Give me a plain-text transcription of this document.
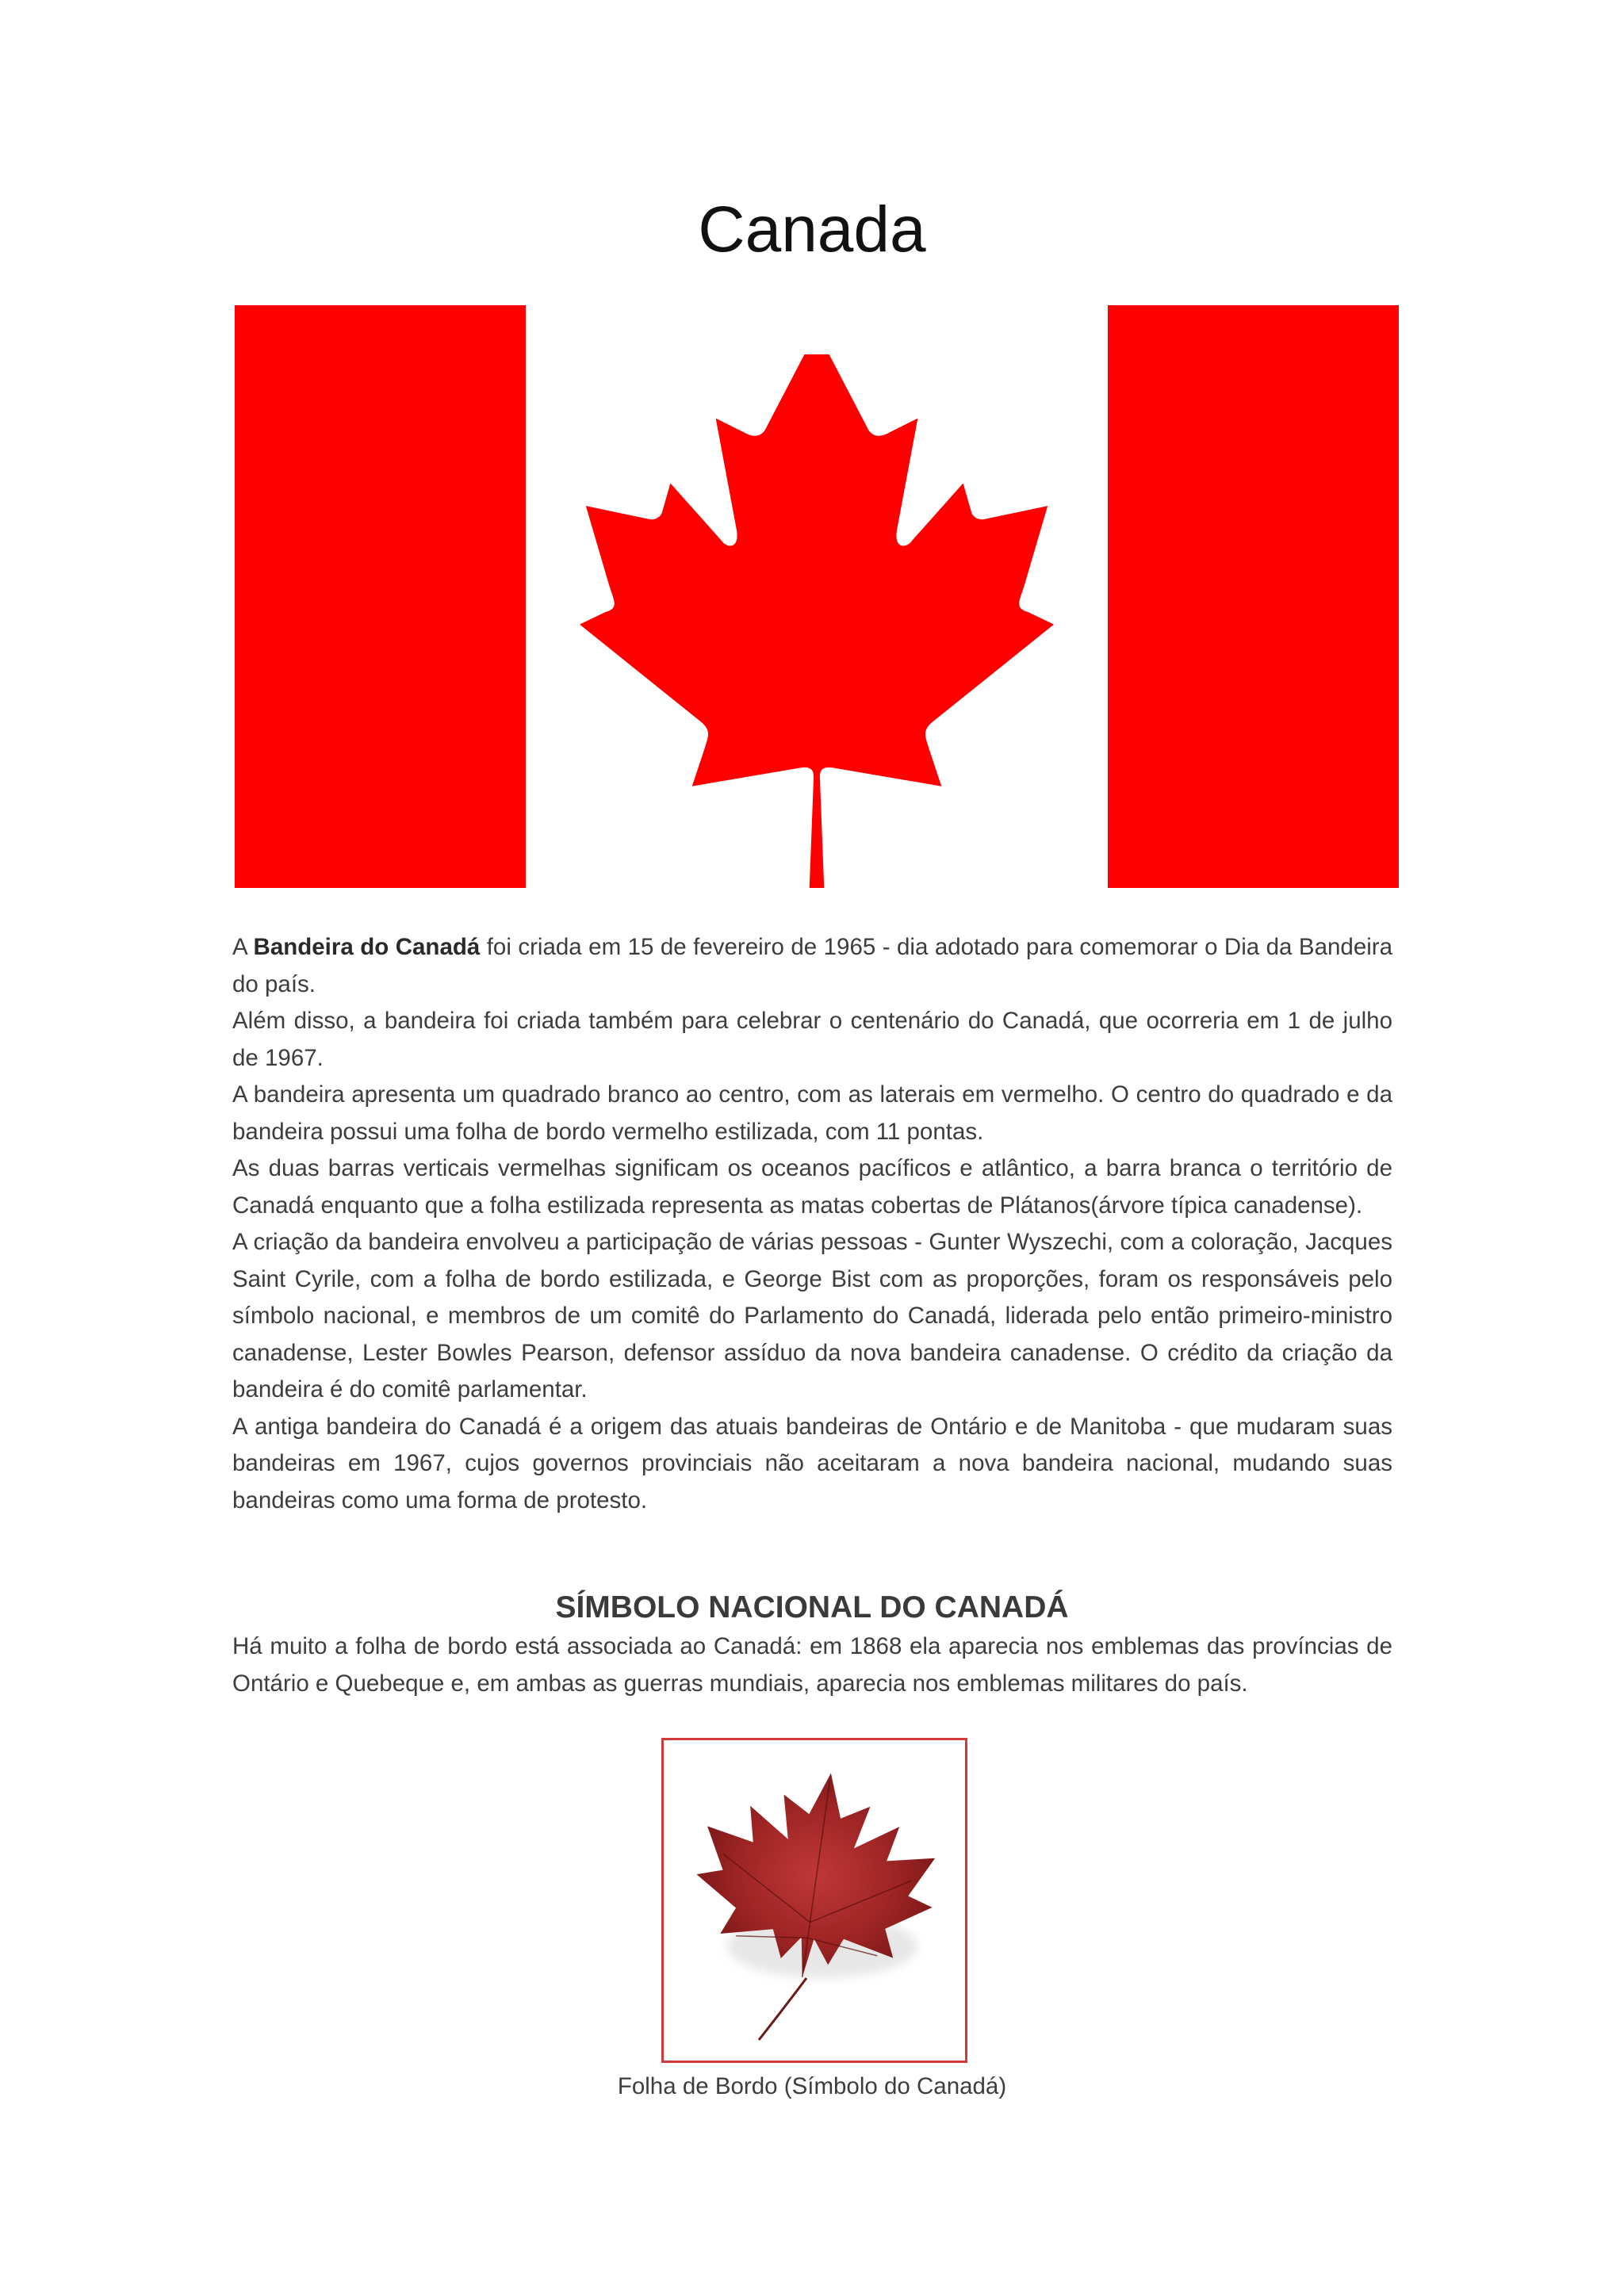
Canada

A Bandeira do Canadá foi criada em 15 de fevereiro de 1965 - dia adotado para comemorar o Dia da Bandeira do país.

Além disso, a bandeira foi criada também para celebrar o centenário do Canadá, que ocorreria em 1 de julho de 1967.

A bandeira apresenta um quadrado branco ao centro, com as laterais em vermelho. O centro do quadrado e da bandeira possui uma folha de bordo vermelho estilizada, com 11 pontas.

As duas barras verticais vermelhas significam os oceanos pacíficos e atlântico, a barra branca o território de Canadá enquanto que a folha estilizada representa as matas cobertas de Plátanos(árvore típica canadense).

A criação da bandeira envolveu a participação de várias pessoas - Gunter Wyszechi, com a coloração, Jacques Saint Cyrile, com a folha de bordo estilizada, e George Bist com as proporções, foram os responsáveis pelo símbolo nacional, e membros de um comitê do Parlamento do Canadá, liderada pelo então primeiro-ministro canadense, Lester Bowles Pearson, defensor assíduo da nova bandeira canadense. O crédito da criação da bandeira é do comitê parlamentar.

A antiga bandeira do Canadá é a origem das atuais bandeiras de Ontário e de Manitoba - que mudaram suas bandeiras em 1967, cujos governos provinciais não aceitaram a nova bandeira nacional, mudando suas bandeiras como uma forma de protesto.

SÍMBOLO NACIONAL DO CANADÁ

Há muito a folha de bordo está associada ao Canadá: em 1868 ela aparecia nos emblemas das províncias de Ontário e Quebeque e, em ambas as guerras mundiais, aparecia nos emblemas militares do país.

Folha de Bordo (Símbolo do Canadá)
